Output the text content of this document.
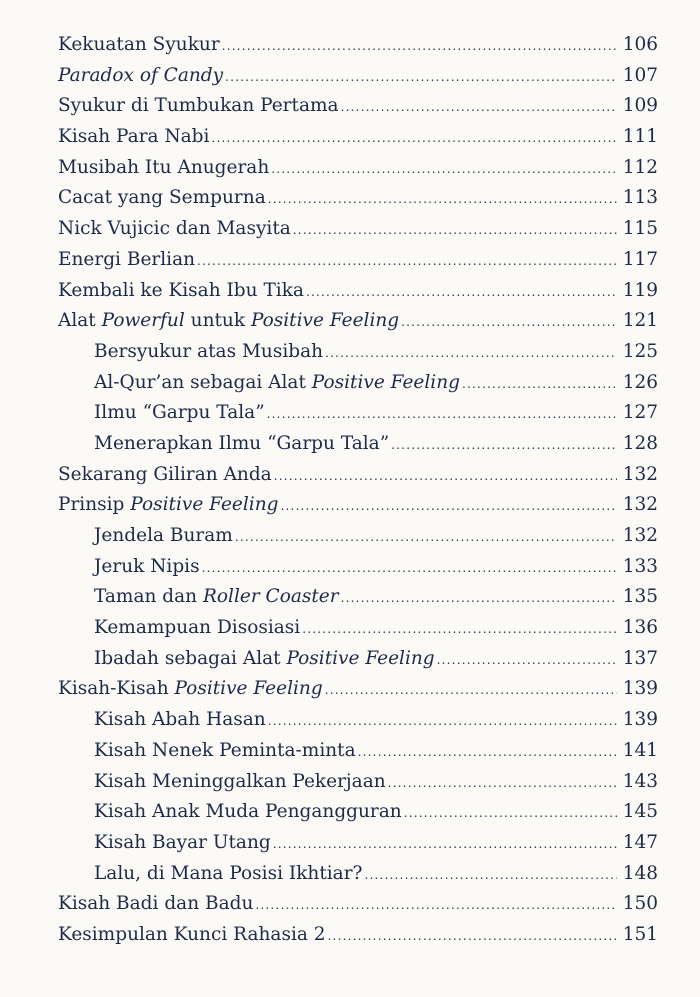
Kekuatan Syukur .....	106
Paradox of Candy .....	107
Syukur di Tumbukan Pertama .....	109
Kisah Para Nabi .....	111
Musibah Itu Anugerah .....	112
Cacat yang Sempurna .....	113
Nick Vujicic dan Masyita .....	115
Energi Berlian .....	117
Kembali ke Kisah Ibu Tika .....	119
Alat Powerful untuk Positive Feeling .....	121
Bersyukur atas Musibah .....	125
Al-Qur’an sebagai Alat Positive Feeling .....	126
Ilmu “Garpu Tala” .....	127
Menerapkan Ilmu “Garpu Tala” .....	128
Sekarang Giliran Anda .....	132
Prinsip Positive Feeling .....	132
Jendela Buram .....	132
Jeruk Nipis .....	133
Taman dan Roller Coaster .....	135
Kemampuan Disosiasi .....	136
Ibadah sebagai Alat Positive Feeling .....	137
Kisah-Kisah Positive Feeling .....	139
Kisah Abah Hasan .....	139
Kisah Nenek Peminta-minta .....	141
Kisah Meninggalkan Pekerjaan .....	143
Kisah Anak Muda Pengangguran .....	145
Kisah Bayar Utang .....	147
Lalu, di Mana Posisi Ikhtiar? .....	148
Kisah Badi dan Badu .....	150
Kesimpulan Kunci Rahasia 2 .....	151
